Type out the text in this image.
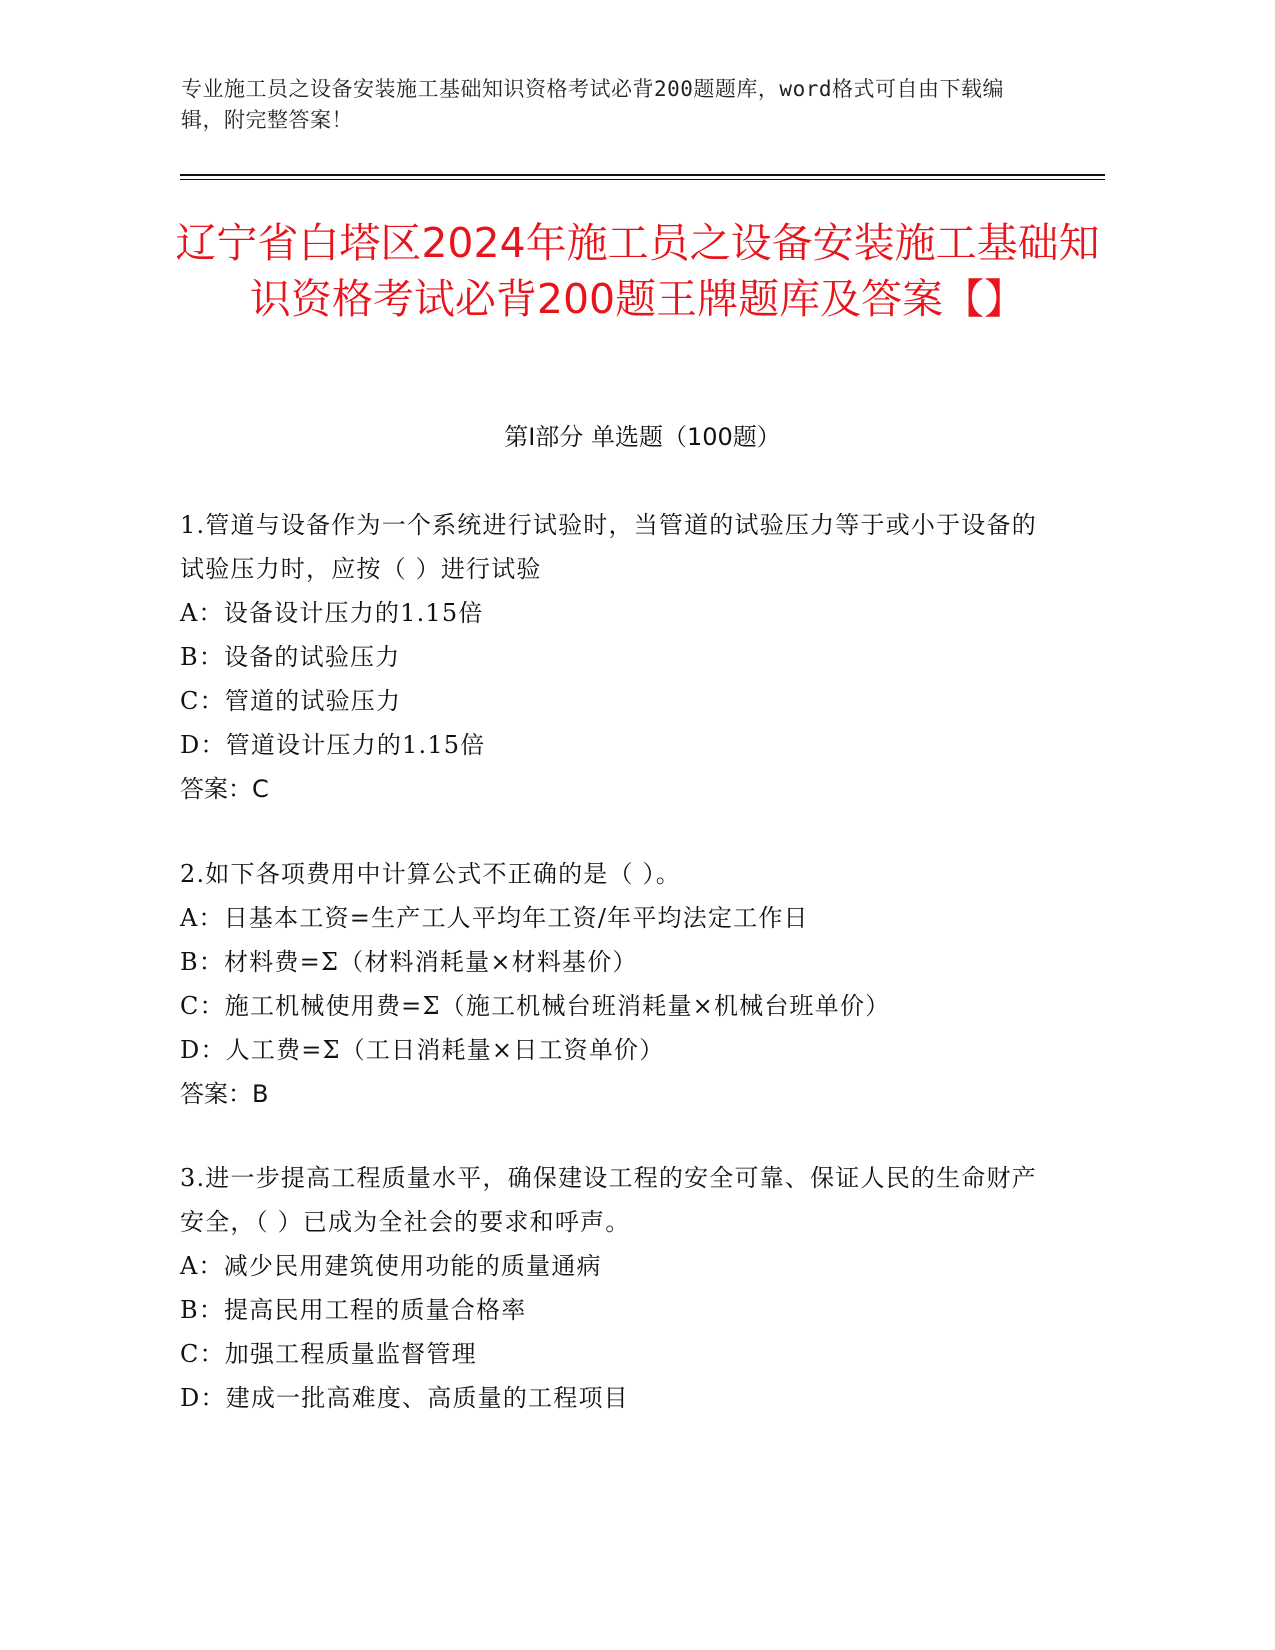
专业施工员之设备安装施工基础知识资格考试必背200题题库，word格式可自由下载编辑，附完整答案！
辽宁省白塔区2024年施工员之设备安装施工基础知识资格考试必背200题王牌题库及答案【】
第I部分 单选题（100题）

1.管道与设备作为一个系统进行试验时，当管道的试验压力等于或小于设备的试验压力时，应按（ ）进行试验

A：设备设计压力的1.15倍

B：设备的试验压力

C：管道的试验压力

D：管道设计压力的1.15倍

答案：C

2.如下各项费用中计算公式不正确的是（ ）。

A：日基本工资=生产工人平均年工资/年平均法定工作日

B：材料费=Σ（材料消耗量×材料基价）

C：施工机械使用费=Σ（施工机械台班消耗量×机械台班单价）

D：人工费=Σ（工日消耗量×日工资单价）

答案：B

3.进一步提高工程质量水平，确保建设工程的安全可靠、保证人民的生命财产安全，（ ）已成为全社会的要求和呼声。

A：减少民用建筑使用功能的质量通病

B：提高民用工程的质量合格率

C：加强工程质量监督管理

D：建成一批高难度、高质量的工程项目
